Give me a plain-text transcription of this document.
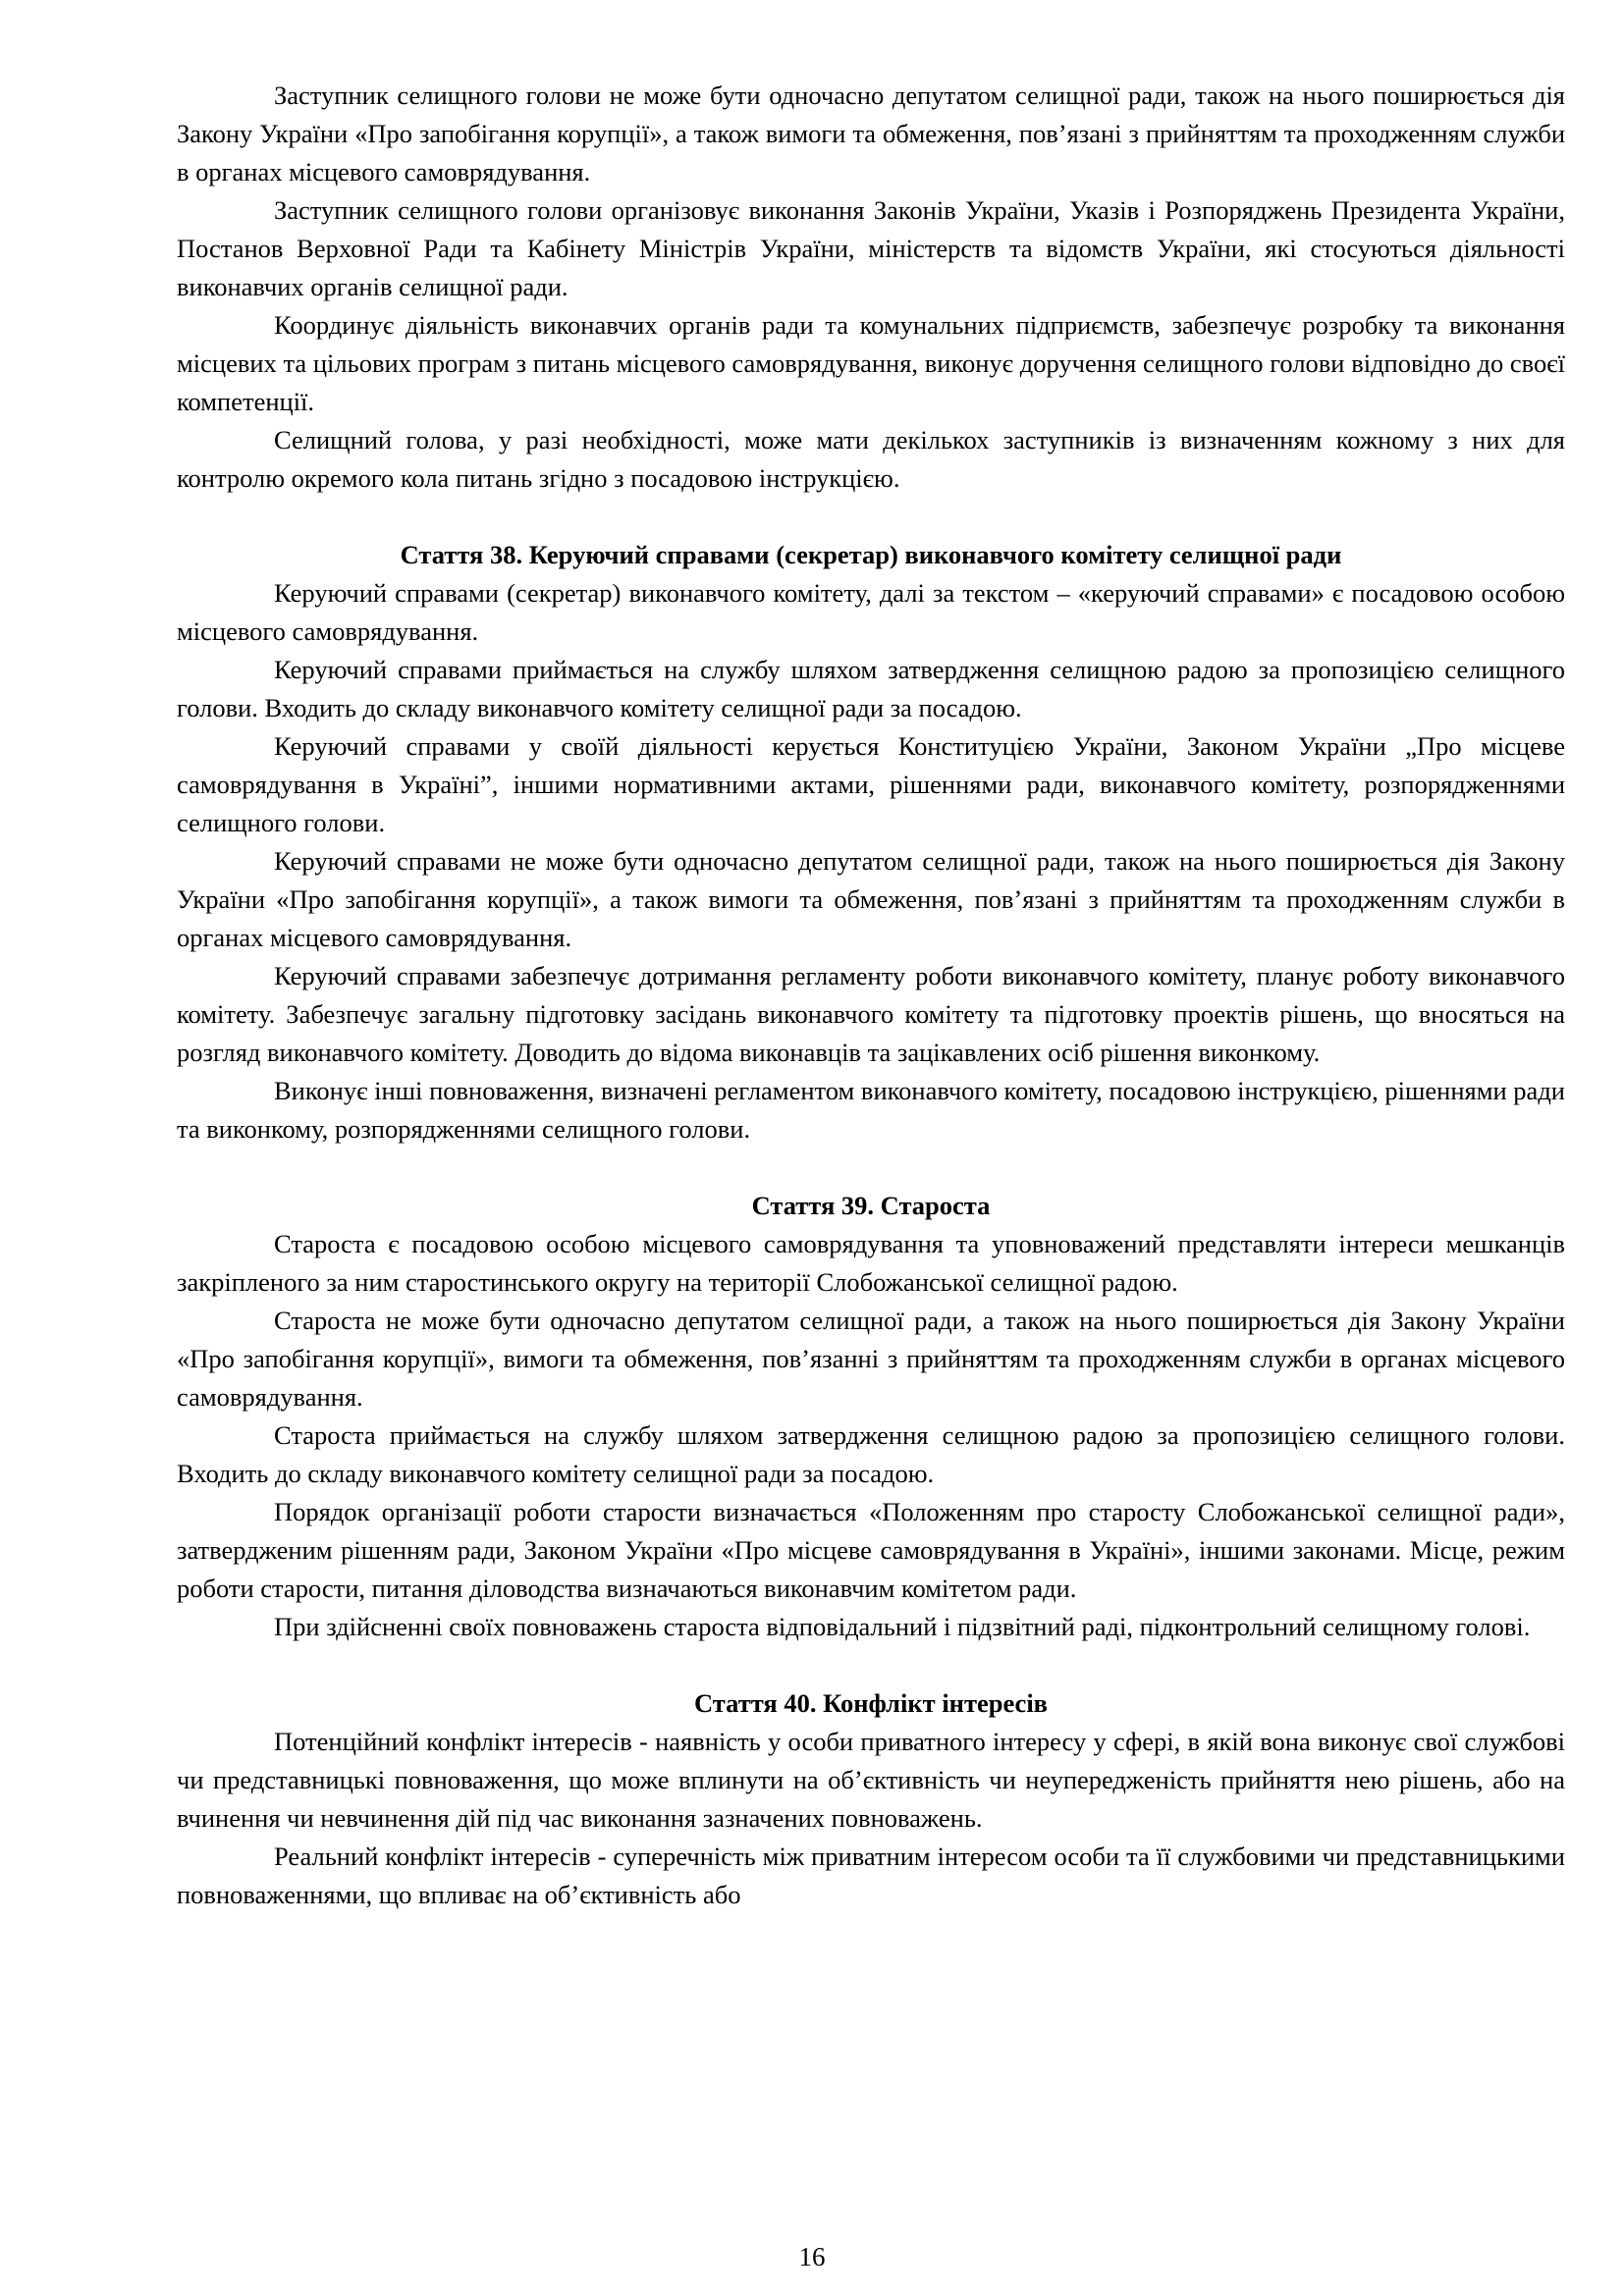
Заступник селищного голови не може бути одночасно депутатом селищної ради, також на нього поширюється дія Закону України «Про запобігання корупції», а також вимоги та обмеження, пов’язані з прийняттям та проходженням служби в органах місцевого самоврядування.

Заступник селищного голови організовує виконання Законів України, Указів і Розпоряджень Президента України, Постанов Верховної Ради та Кабінету Міністрів України, міністерств та відомств України, які стосуються діяльності виконавчих органів селищної ради.

Координує діяльність виконавчих органів ради та комунальних підприємств, забезпечує розробку та виконання місцевих та цільових програм з питань місцевого самоврядування, виконує доручення селищного голови відповідно до своєї компетенції.

Селищний голова, у разі необхідності, може мати декількох заступників із визначенням кожному з них для контролю окремого кола питань згідно з посадовою інструкцією.

Стаття 38. Керуючий справами (секретар) виконавчого комітету селищної ради

Керуючий справами (секретар) виконавчого комітету, далі за текстом – «керуючий справами» є посадовою особою місцевого самоврядування.

Керуючий справами приймається на службу шляхом затвердження селищною радою за пропозицією селищного голови. Входить до складу виконавчого комітету селищної ради за посадою.

Керуючий справами у своїй діяльності керується Конституцією України, Законом України „Про місцеве самоврядування в Україні”, іншими нормативними актами, рішеннями ради, виконавчого комітету, розпорядженнями селищного голови.

Керуючий справами не може бути одночасно депутатом селищної ради, також на нього поширюється дія Закону України «Про запобігання корупції», а також вимоги та обмеження, пов’язані з прийняттям та проходженням служби в органах місцевого самоврядування.

Керуючий справами забезпечує дотримання регламенту роботи виконавчого комітету, планує роботу виконавчого комітету. Забезпечує загальну підготовку засідань виконавчого комітету та підготовку проектів рішень, що вносяться на розгляд виконавчого комітету. Доводить до відома виконавців та зацікавлених осіб рішення виконкому.

Виконує інші повноваження, визначені регламентом виконавчого комітету, посадовою інструкцією, рішеннями ради та виконкому, розпорядженнями селищного голови.

Стаття 39. Староста

Староста є посадовою особою місцевого самоврядування та уповноважений представляти інтереси мешканців закріпленого за ним старостинського округу на території Слобожанської селищної радою.

Староста не може бути одночасно депутатом селищної ради, а також на нього поширюється дія Закону України «Про запобігання корупції», вимоги та обмеження, пов’язанні з прийняттям та проходженням служби в органах місцевого самоврядування.

Староста приймається на службу шляхом затвердження селищною радою за пропозицією селищного голови. Входить до складу виконавчого комітету селищної ради за посадою.

Порядок організації роботи старости визначається «Положенням про старосту Слобожанської селищної ради», затвердженим рішенням ради, Законом України «Про місцеве самоврядування в Україні», іншими законами. Місце, режим роботи старости, питання діловодства визначаються виконавчим комітетом ради.

При здійсненні своїх повноважень староста відповідальний і підзвітний раді, підконтрольний селищному голові.

Стаття 40. Конфлікт інтересів

Потенційний конфлікт інтересів - наявність у особи приватного інтересу у сфері, в якій вона виконує свої службові чи представницькі повноваження, що може вплинути на об’єктивність чи неупередженість прийняття нею рішень, або на вчинення чи невчинення дій під час виконання зазначених повноважень.

Реальний конфлікт інтересів - суперечність між приватним інтересом особи та її службовими чи представницькими повноваженнями, що впливає на об’єктивність або

16
